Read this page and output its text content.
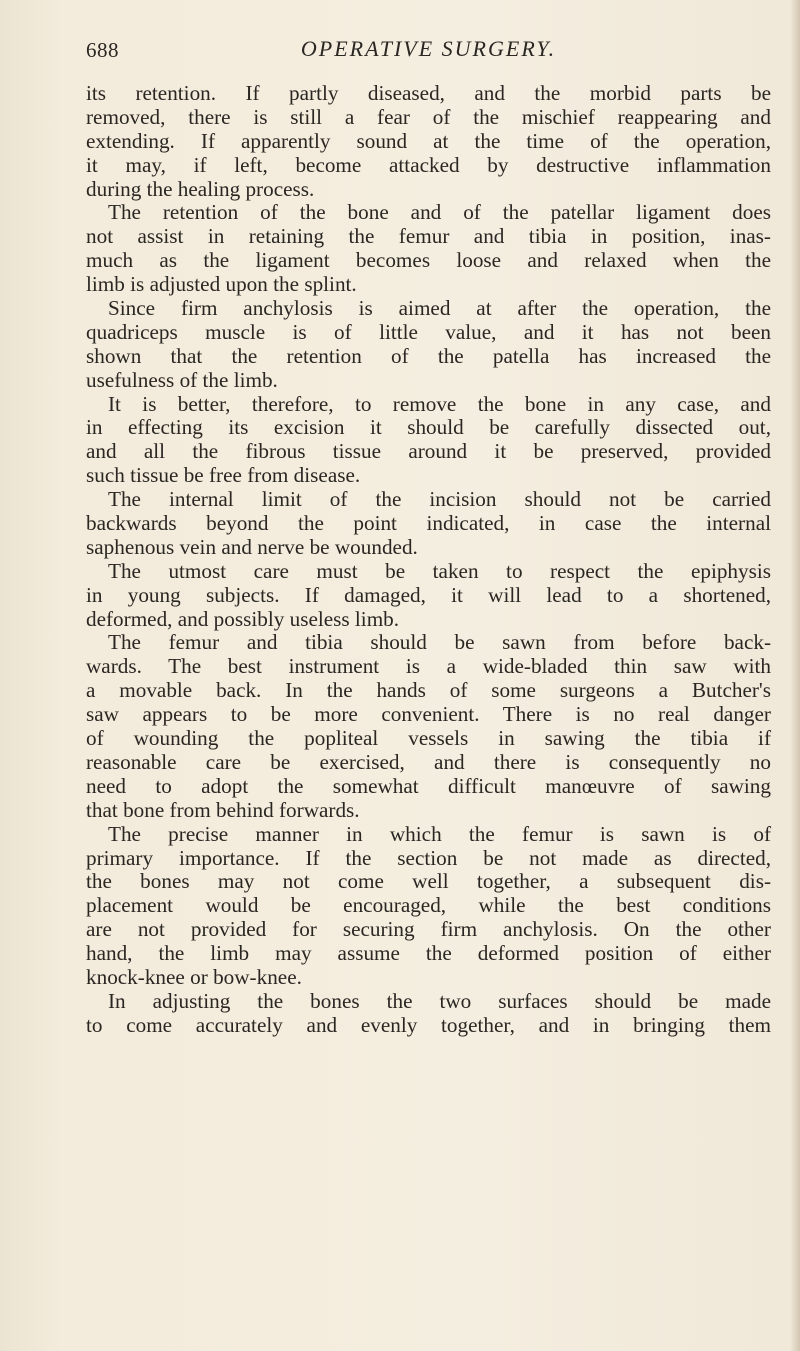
688	OPERATIVE SURGERY.
its retention. If partly diseased, and the morbid parts be
removed, there is still a fear of the mischief reappearing and
extending. If apparently sound at the time of the operation,
it may, if left, become attacked by destructive inflammation
during the healing process.
The retention of the bone and of the patellar ligament does
not assist in retaining the femur and tibia in position, inas-
much as the ligament becomes loose and relaxed when the
limb is adjusted upon the splint.
Since firm anchylosis is aimed at after the operation, the
quadriceps muscle is of little value, and it has not been
shown that the retention of the patella has increased the
usefulness of the limb.
It is better, therefore, to remove the bone in any case, and
in effecting its excision it should be carefully dissected out,
and all the fibrous tissue around it be preserved, provided
such tissue be free from disease.
The internal limit of the incision should not be carried
backwards beyond the point indicated, in case the internal
saphenous vein and nerve be wounded.
The utmost care must be taken to respect the epiphysis
in young subjects. If damaged, it will lead to a shortened,
deformed, and possibly useless limb.
The femur and tibia should be sawn from before back-
wards. The best instrument is a wide-bladed thin saw with
a movable back. In the hands of some surgeons a Butcher's
saw appears to be more convenient. There is no real danger
of wounding the popliteal vessels in sawing the tibia if
reasonable care be exercised, and there is consequently no
need to adopt the somewhat difficult manœuvre of sawing
that bone from behind forwards.
The precise manner in which the femur is sawn is of
primary importance. If the section be not made as directed,
the bones may not come well together, a subsequent dis-
placement would be encouraged, while the best conditions
are not provided for securing firm anchylosis. On the other
hand, the limb may assume the deformed position of either
knock-knee or bow-knee.
In adjusting the bones the two surfaces should be made
to come accurately and evenly together, and in bringing them
